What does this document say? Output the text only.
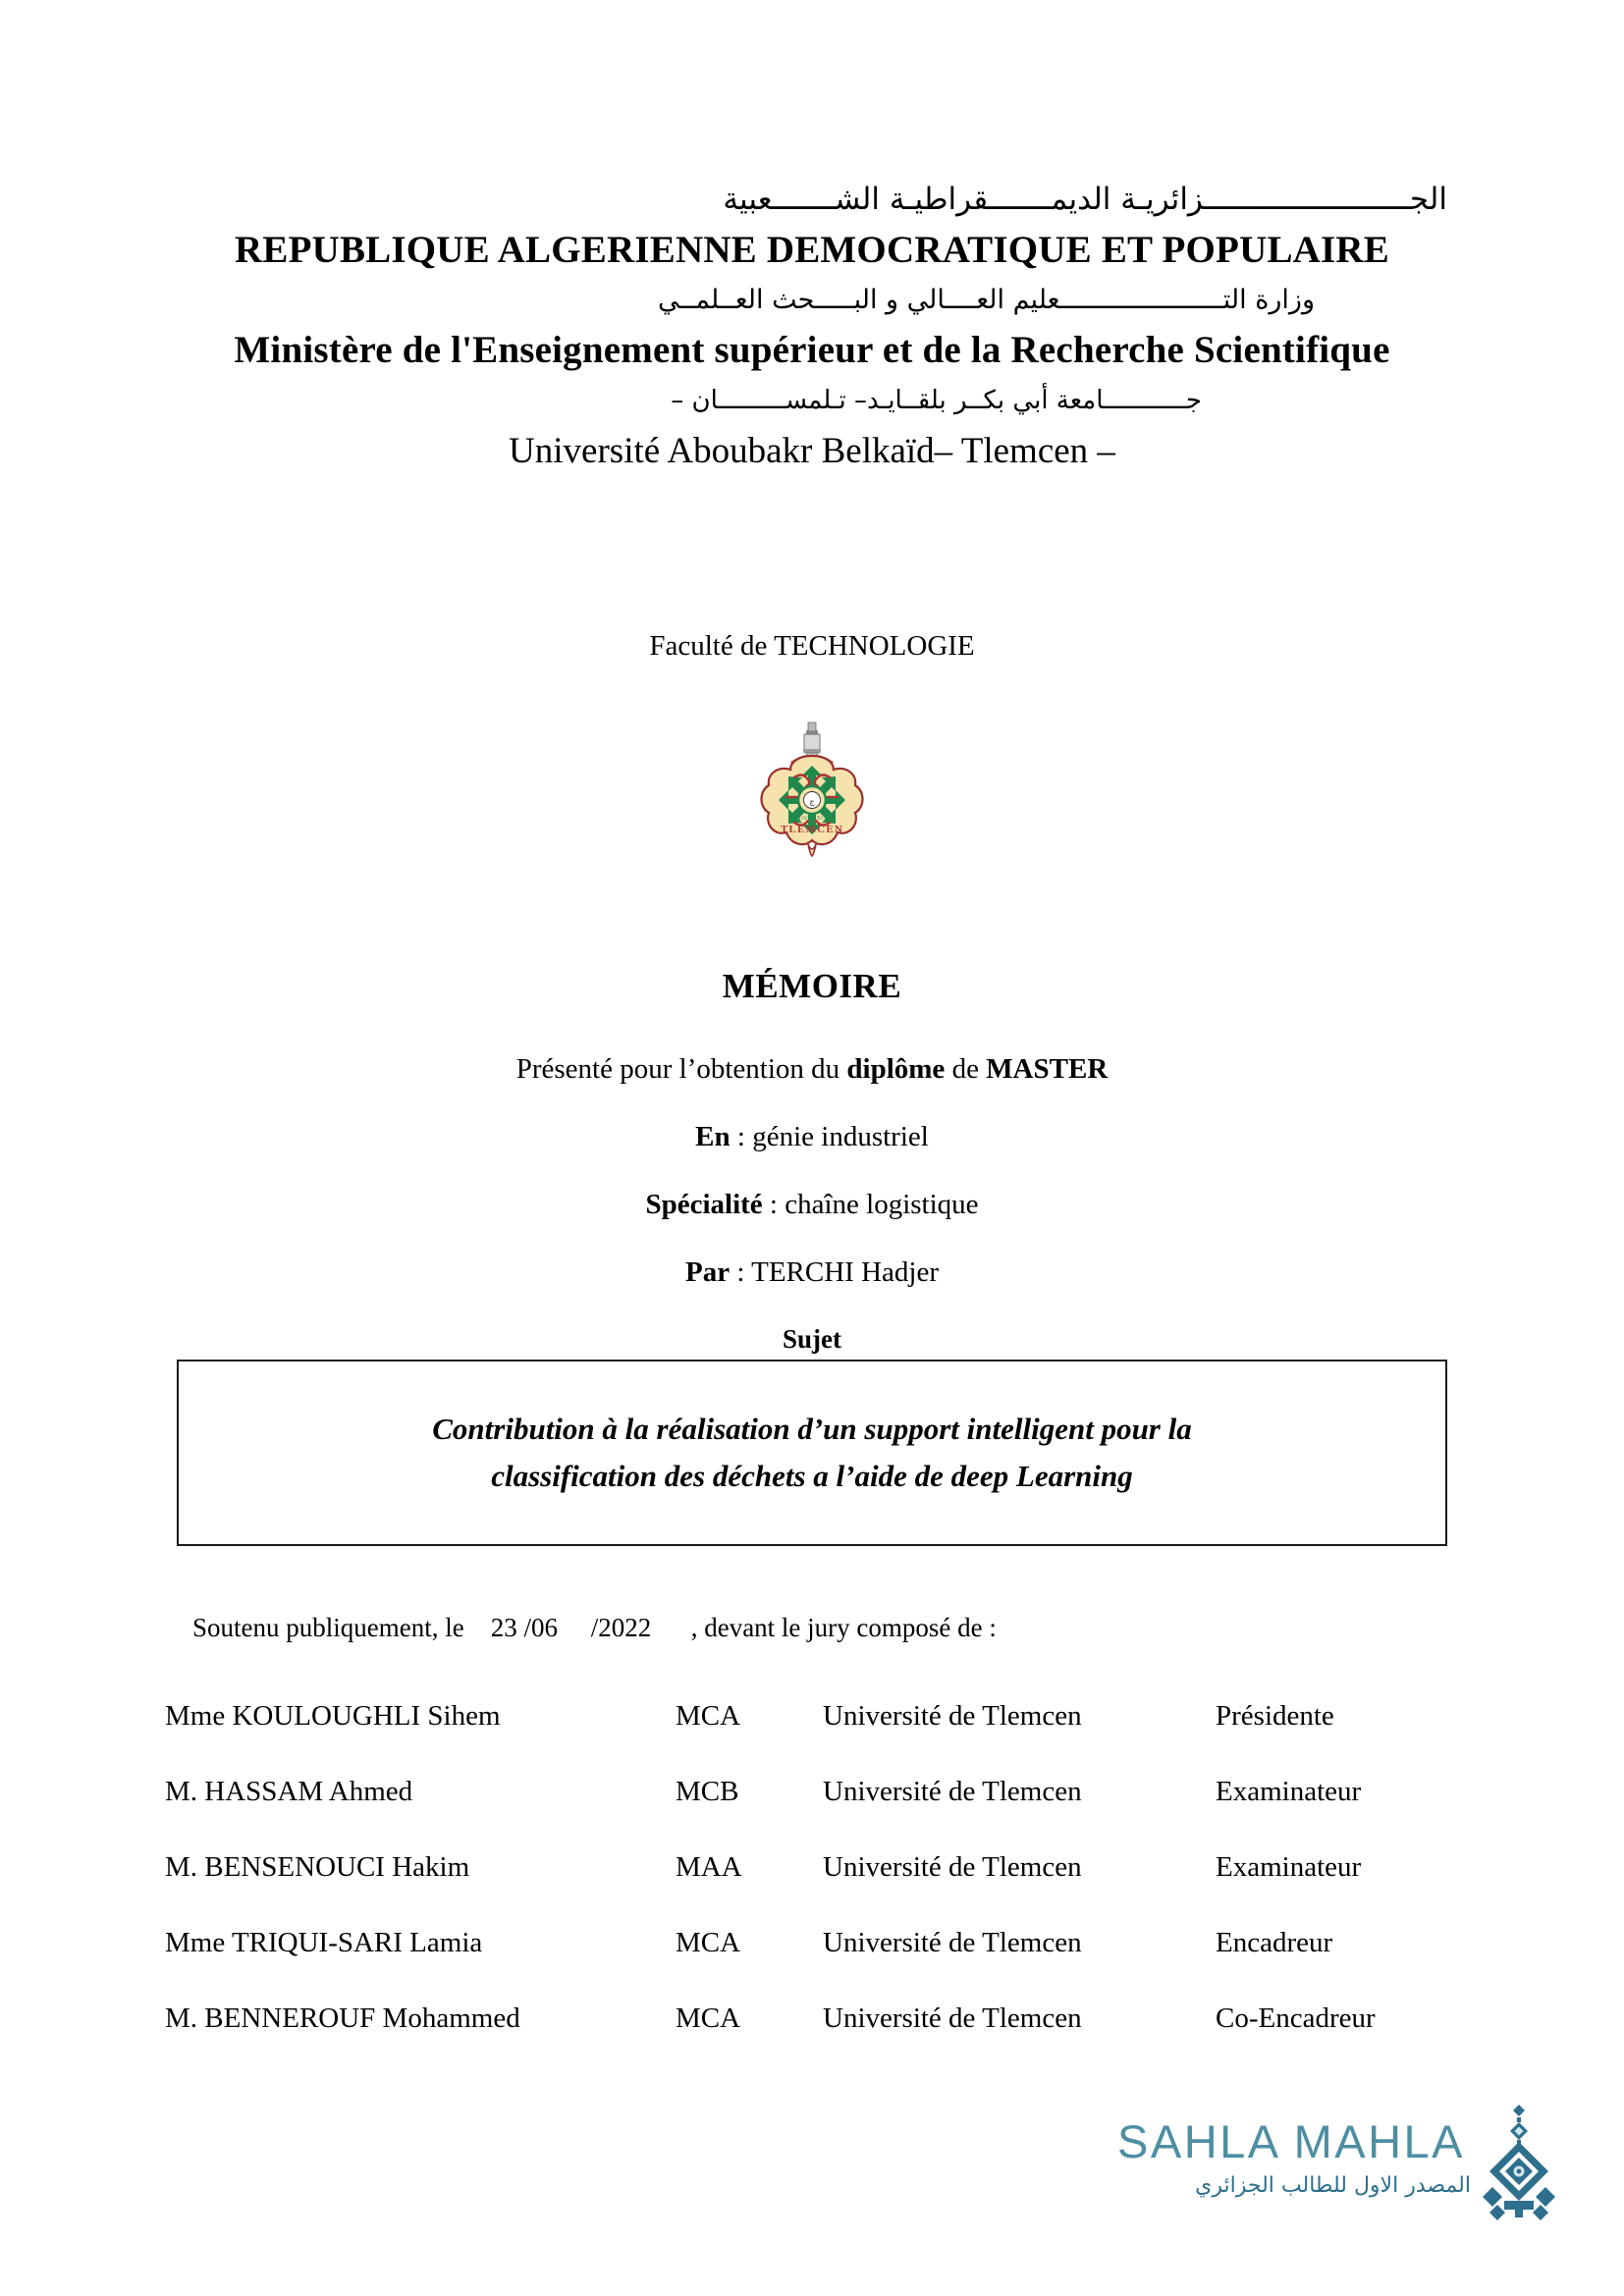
الجـــــــــــــــــــــــزائريـة الديمـــــــقراطيـة الشـــــــعبية
REPUBLIQUE ALGERIENNE DEMOCRATIQUE ET POPULAIRE
وزارة التـــــــــــــــــــــعليم العــــالي و البـــــحث العــلمــي
Ministère de l'Enseignement supérieur et de la Recherche Scientifique
جـــــــــــامعة أبي بكــر بلقــايـد– تـلمســـــــــان –
Université Aboubakr Belkaïd– Tlemcen –
Faculté de TECHNOLOGIE
ج
TLEMCEN
UNIVERSITE
MÉMOIRE
Présenté pour l’obtention du diplôme de MASTER
En : génie industriel
Spécialité : chaîne logistique
Par : TERCHI Hadjer
Sujet
Contribution à la réalisation d’un support intelligent pour la
classification des déchets a l’aide de deep Learning
Soutenu publiquement, le    23 /06     /2022      , devant le jury composé de :
Mme KOULOUGHLI Sihem	MCA	Université de Tlemcen	Présidente
M. HASSAM Ahmed	MCB	Université de Tlemcen	Examinateur
M. BENSENOUCI Hakim	MAA	Université de Tlemcen	Examinateur
Mme TRIQUI-SARI Lamia	MCA	Université de Tlemcen	Encadreur
M. BENNEROUF Mohammed	MCA	Université de Tlemcen	Co-Encadreur
SAHLA MAHLA
المصدر الاول للطالب الجزائري
